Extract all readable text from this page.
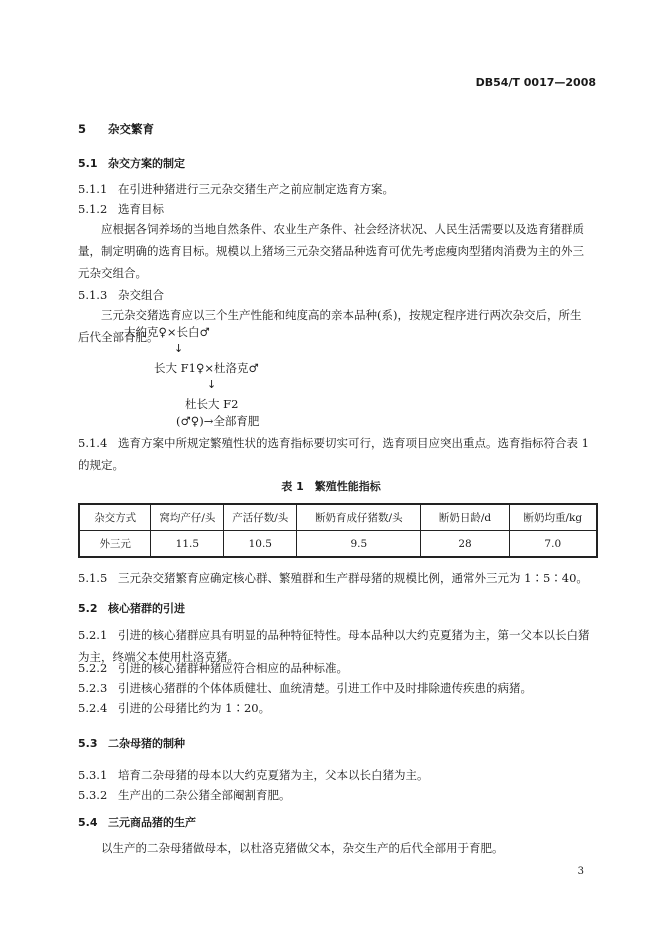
DB54/T 0017—2008
5 杂交繁育
5.1 杂交方案的制定
5.1.1 在引进种猪进行三元杂交猪生产之前应制定选育方案。
5.1.2 选育目标
应根据各饲养场的当地自然条件、农业生产条件、社会经济状况、人民生活需要以及选育猪群质量，制定明确的选育目标。规模以上猪场三元杂交猪品种选育可优先考虑瘦肉型猪肉消费为主的外三元杂交组合。
5.1.3 杂交组合
三元杂交猪选育应以三个生产性能和纯度高的亲本品种(系)，按规定程序进行两次杂交后，所生后代全部育肥。
大约克♀×长白♂
↓
长大 F1♀×杜洛克♂
↓
杜长大 F2
(♂♀)→全部育肥
5.1.4 选育方案中所规定繁殖性状的选育指标要切实可行，选育项目应突出重点。选育指标符合表 1 的规定。
表 1　繁殖性能指标
杂交方式	窝均产仔/头	产活仔数/头	断奶育成仔猪数/头	断奶日龄/d	断奶均重/kg
外三元	11.5	10.5	9.5	28	7.0
5.1.5 三元杂交猪繁育应确定核心群、繁殖群和生产群母猪的规模比例，通常外三元为 1∶5∶40。
5.2 核心猪群的引进
5.2.1 引进的核心猪群应具有明显的品种特征特性。母本品种以大约克夏猪为主，第一父本以长白猪为主，终端父本使用杜洛克猪。
5.2.2 引进的核心猪群种猪应符合相应的品种标准。
5.2.3 引进核心猪群的个体体质健壮、血统清楚。引进工作中及时排除遗传疾患的病猪。
5.2.4 引进的公母猪比约为 1∶20。
5.3 二杂母猪的制种
5.3.1 培育二杂母猪的母本以大约克夏猪为主，父本以长白猪为主。
5.3.2 生产出的二杂公猪全部阉割育肥。
5.4 三元商品猪的生产
以生产的二杂母猪做母本，以杜洛克猪做父本，杂交生产的后代全部用于育肥。
3
